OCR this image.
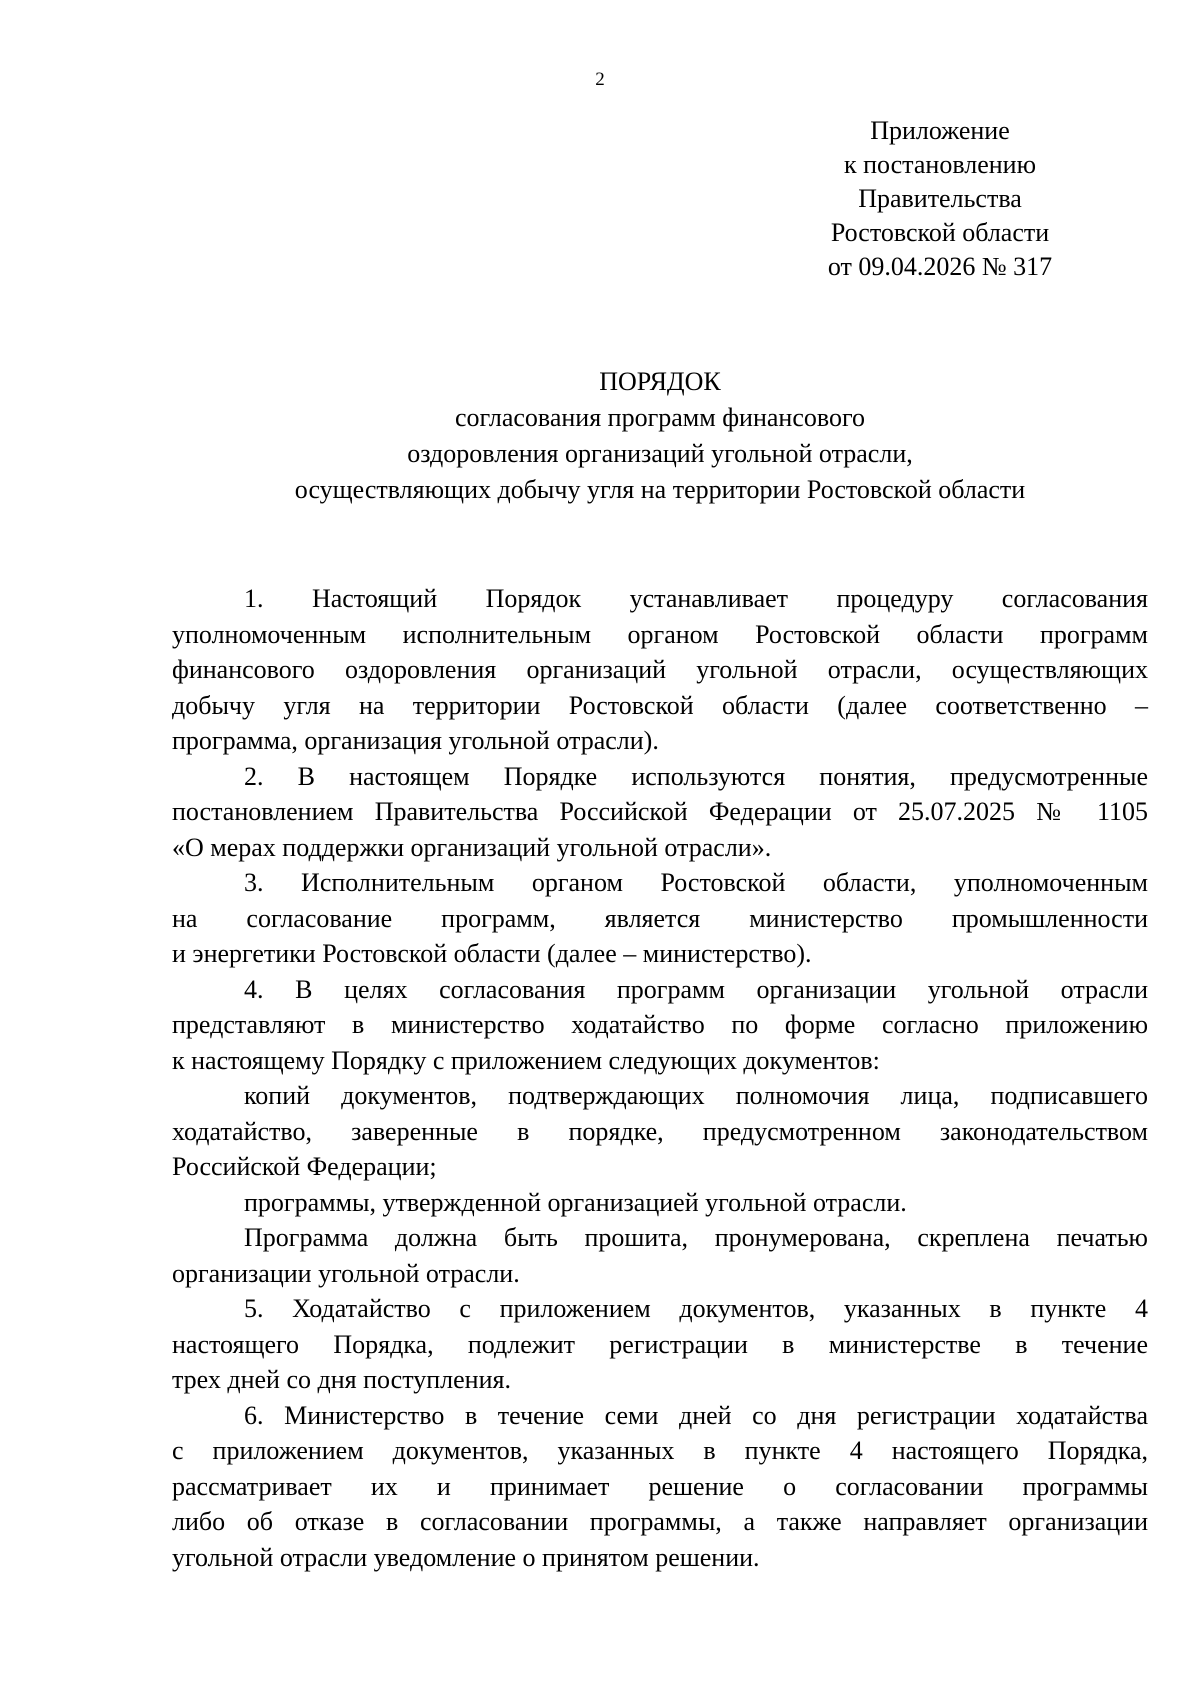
2
Приложение
к постановлению
Правительства
Ростовской области
от 09.04.2026 № 317
ПОРЯДОК
согласования программ финансового
оздоровления организаций угольной отрасли,
осуществляющих добычу угля на территории Ростовской области
1. Настоящий Порядок устанавливает процедуру согласования
уполномоченным исполнительным органом Ростовской области программ
финансового оздоровления организаций угольной отрасли, осуществляющих
добычу угля на территории Ростовской области (далее соответственно –
программа, организация угольной отрасли).
2. В настоящем Порядке используются понятия, предусмотренные
постановлением Правительства Российской Федерации от 25.07.2025 № 1105
«О мерах поддержки организаций угольной отрасли».
3. Исполнительным органом Ростовской области, уполномоченным
на согласование программ, является министерство промышленности
и энергетики Ростовской области (далее – министерство).
4. В целях согласования программ организации угольной отрасли
представляют в министерство ходатайство по форме согласно приложению
к настоящему Порядку с приложением следующих документов:
копий документов, подтверждающих полномочия лица, подписавшего
ходатайство, заверенные в порядке, предусмотренном законодательством
Российской Федерации;
программы, утвержденной организацией угольной отрасли.
Программа должна быть прошита, пронумерована, скреплена печатью
организации угольной отрасли.
5. Ходатайство с приложением документов, указанных в пункте 4
настоящего Порядка, подлежит регистрации в министерстве в течение
трех дней со дня поступления.
6. Министерство в течение семи дней со дня регистрации ходатайства
с приложением документов, указанных в пункте 4 настоящего Порядка,
рассматривает их и принимает решение о согласовании программы
либо об отказе в согласовании программы, а также направляет организации
угольной отрасли уведомление о принятом решении.
